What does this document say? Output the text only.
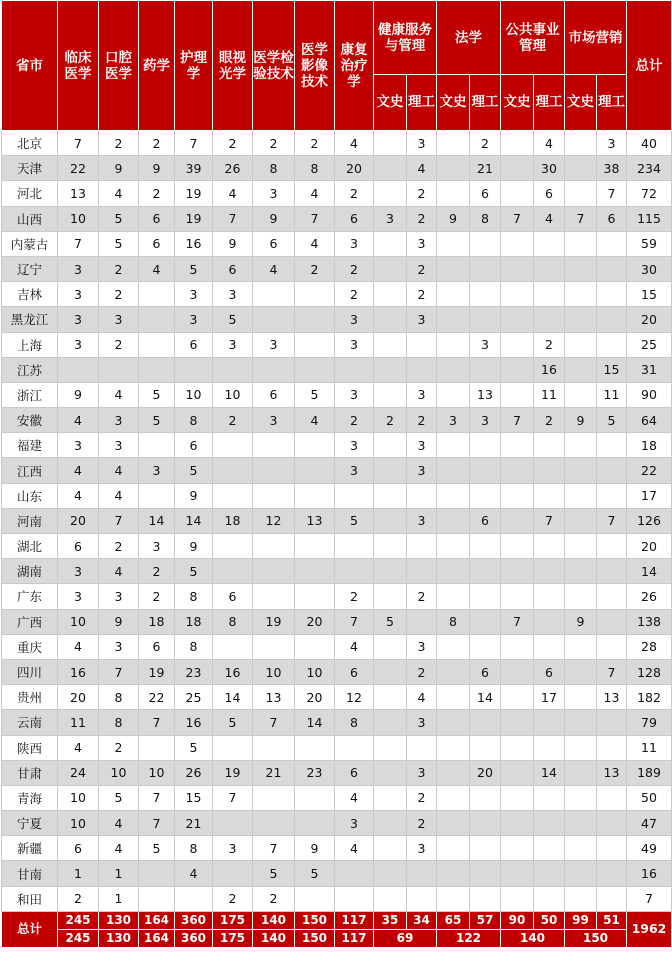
省市	临床医学	口腔医学	药学	护理学	眼视光学	医学检验技术	医学影像技术	康复治疗学	健康服务与管理		法学		公共事业管理		市场营销		总计
									文史	理工	文史	理工	文史	理工	文史	理工	
北京	7	2	2	7	2	2	2	4		3		2		4		3	40
天津	22	9	9	39	26	8	8	20		4		21		30		38	234
河北	13	4	2	19	4	3	4	2		2		6		6		7	72
山西	10	5	6	19	7	9	7	6	3	2	9	8	7	4	7	6	115
内蒙古	7	5	6	16	9	6	4	3		3							59
辽宁	3	2	4	5	6	4	2	2		2							30
吉林	3	2		3	3			2		2							15
黑龙江	3	3		3	5			3		3							20
上海	3	2		6	3	3		3				3		2			25
江苏														16		15	31
浙江	9	4	5	10	10	6	5	3		3		13		11		11	90
安徽	4	3	5	8	2	3	4	2	2	2	3	3	7	2	9	5	64
福建	3	3		6				3		3							18
江西	4	4	3	5				3		3							22
山东	4	4		9													17
河南	20	7	14	14	18	12	13	5		3		6		7		7	126
湖北	6	2	3	9													20
湖南	3	4	2	5													14
广东	3	3	2	8	6			2		2							26
广西	10	9	18	18	8	19	20	7	5		8		7		9		138
重庆	4	3	6	8				4		3							28
四川	16	7	19	23	16	10	10	6		2		6		6		7	128
贵州	20	8	22	25	14	13	20	12		4		14		17		13	182
云南	11	8	7	16	5	7	14	8		3							79
陕西	4	2		5													11
甘肃	24	10	10	26	19	21	23	6		3		20		14		13	189
青海	10	5	7	15	7			4		2							50
宁夏	10	4	7	21				3		2							47
新疆	6	4	5	8	3	7	9	4		3							49
甘南	1	1		4		5	5										16
和田	2	1			2	2											7
总计	245	130	164	360	175	140	150	117	35	34	65	57	90	50	99	51	1962
	245	130	164	360	175	140	150	117	69		122		140		150		
